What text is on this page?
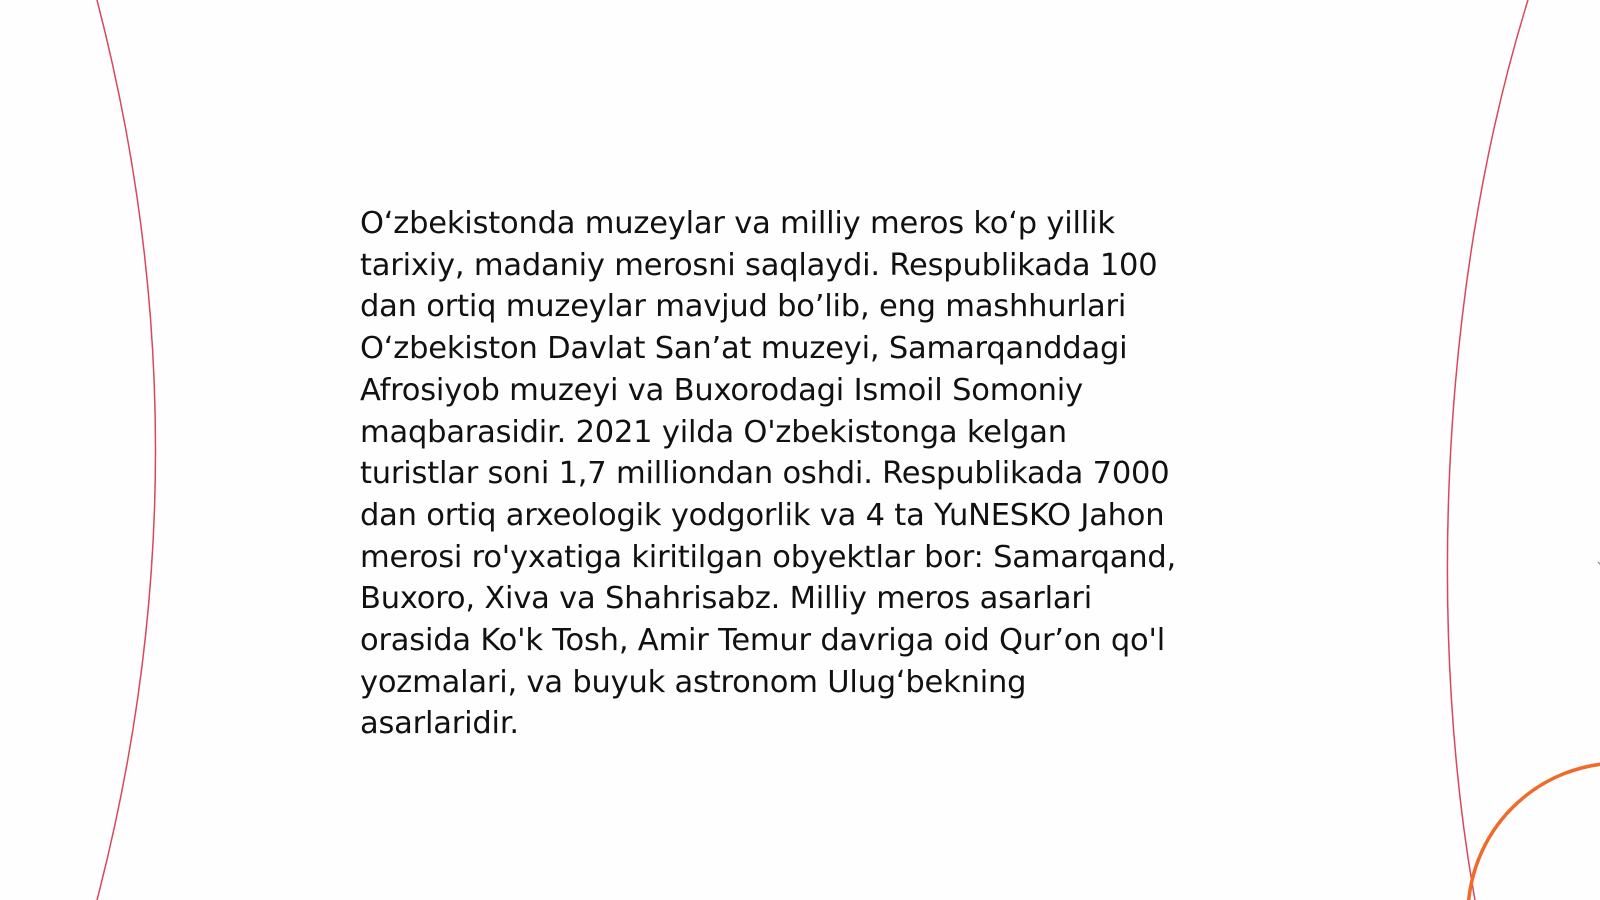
O‘zbekistonda muzeylar va milliy meros ko‘p yillik
tarixiy, madaniy merosni saqlaydi. Respublikada 100
dan ortiq muzeylar mavjud bo’lib, eng mashhurlari
O‘zbekiston Davlat San’at muzeyi, Samarqanddagi
Afrosiyob muzeyi va Buxorodagi Ismoil Somoniy
maqbarasidir. 2021 yilda O'zbekistonga kelgan
turistlar soni 1,7 milliondan oshdi. Respublikada 7000
dan ortiq arxeologik yodgorlik va 4 ta YuNESKO Jahon
merosi ro'yxatiga kiritilgan obyektlar bor: Samarqand,
Buxoro, Xiva va Shahrisabz. Milliy meros asarlari
orasida Ko'k Tosh, Amir Temur davriga oid Qur’on qo'l
yozmalari, va buyuk astronom Ulug‘bekning
asarlaridir.
